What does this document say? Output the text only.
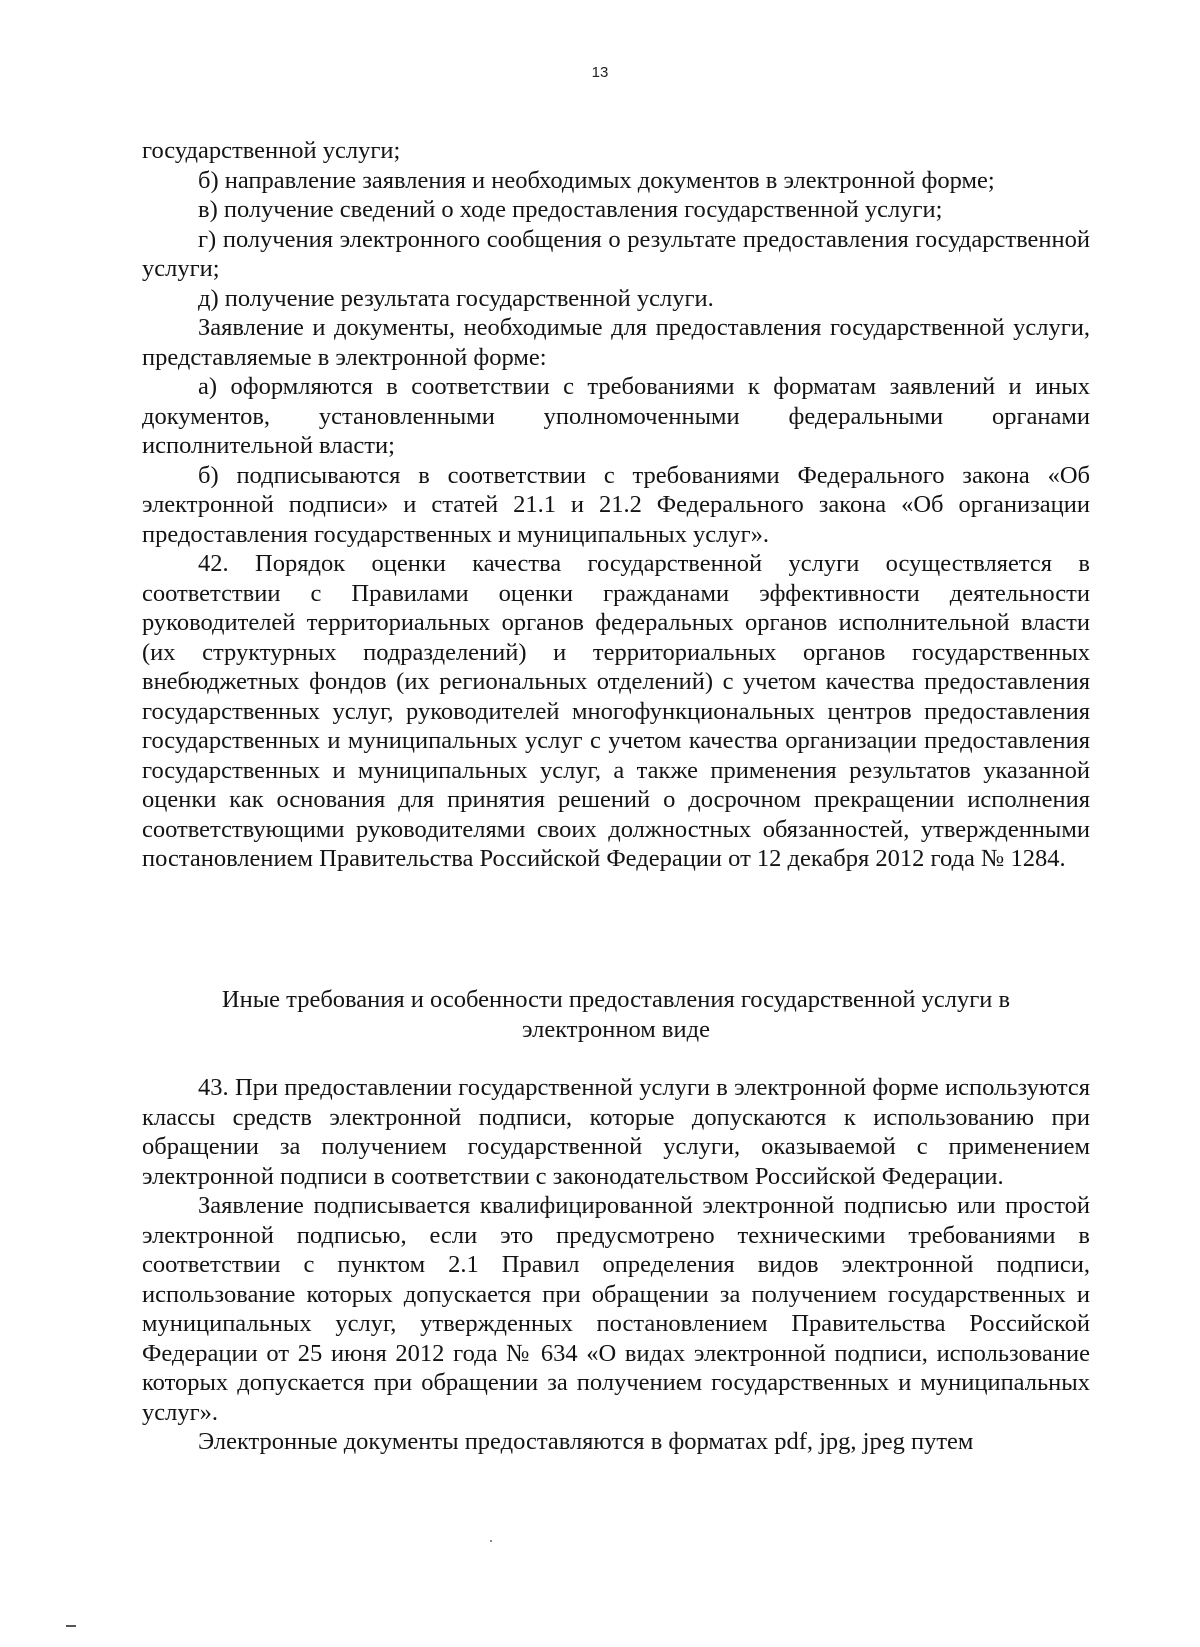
13

государственной услуги;

б) направление заявления и необходимых документов в электронной форме;

в) получение сведений о ходе предоставления государственной услуги;

г) получения электронного сообщения о результате предоставления государственной услуги;

д) получение результата государственной услуги.

Заявление и документы, необходимые для предоставления государственной услуги, представляемые в электронной форме:

а) оформляются в соответствии с требованиями к форматам заявлений и иных документов, установленными уполномоченными федеральными органами исполнительной власти;

б) подписываются в соответствии с требованиями Федерального закона «Об электронной подписи» и статей 21.1 и 21.2 Федерального закона «Об организации предоставления государственных и муниципальных услуг».

42. Порядок оценки качества государственной услуги осуществляется в соответствии с Правилами оценки гражданами эффективности деятельности руководителей территориальных органов федеральных органов исполнительной власти (их структурных подразделений) и территориальных органов государственных внебюджетных фондов (их региональных отделений) с учетом качества предоставления государственных услуг, руководителей многофункциональных центров предоставления государственных и муниципальных услуг с учетом качества организации предоставления государственных и муниципальных услуг, а также применения результатов указанной оценки как основания для принятия решений о досрочном прекращении исполнения соответствующими руководителями своих должностных обязанностей, утвержденными постановлением Правительства Российской Федерации от 12 декабря 2012 года № 1284.

Иные требования и особенности предоставления государственной услуги в
электронном виде

43. При предоставлении государственной услуги в электронной форме используются классы средств электронной подписи, которые допускаются к использованию при обращении за получением государственной услуги, оказываемой с применением электронной подписи в соответствии с законодательством Российской Федерации.

Заявление подписывается квалифицированной электронной подписью или простой электронной подписью, если это предусмотрено техническими требованиями в соответствии с пунктом 2.1 Правил определения видов электронной подписи, использование которых допускается при обращении за получением государственных и муниципальных услуг, утвержденных постановлением Правительства Российской Федерации от 25 июня 2012 года № 634 «О видах электронной подписи, использование которых допускается при обращении за получением государственных и муниципальных услуг».

Электронные документы предоставляются в форматах pdf, jpg, jpeg путем
